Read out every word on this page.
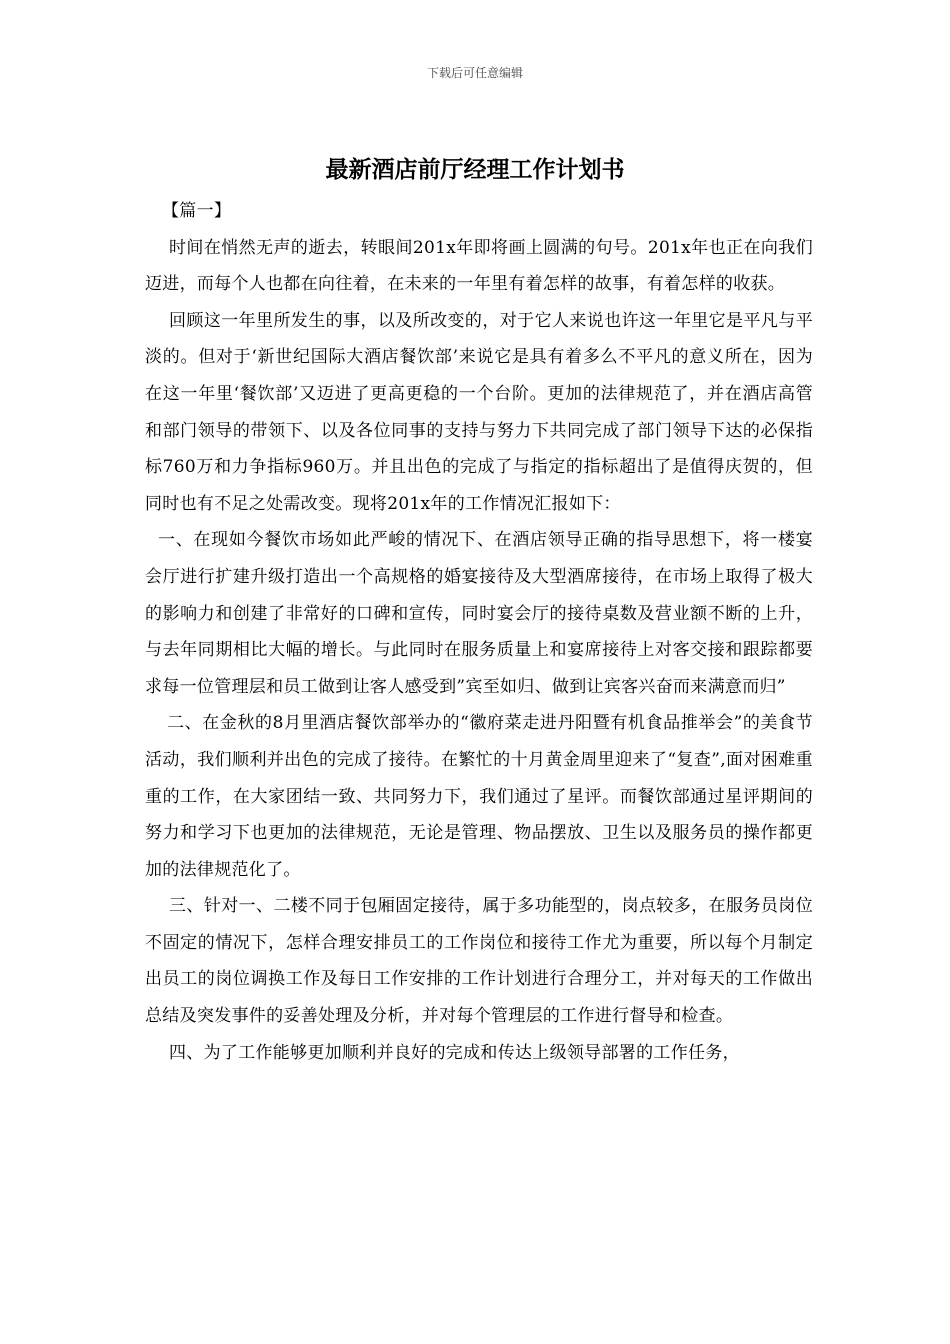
下载后可任意编辑
最新酒店前厅经理工作计划书

【篇一】

时间在悄然无声的逝去，转眼间201x年即将画上圆满的句号。201x年也正在向我们迈进，而每个人也都在向往着，在未来的一年里有着怎样的故事，有着怎样的收获。

回顾这一年里所发生的事，以及所改变的，对于它人来说也许这一年里它是平凡与平淡的。但对于‘新世纪国际大酒店餐饮部’来说它是具有着多么不平凡的意义所在，因为在这一年里‘餐饮部’又迈进了更高更稳的一个台阶。更加的法律规范了，并在酒店高管和部门领导的带领下、以及各位同事的支持与努力下共同完成了部门领导下达的必保指标760万和力争指标960万。并且出色的完成了与指定的指标超出了是值得庆贺的，但同时也有不足之处需改变。现将201x年的工作情况汇报如下：

一、在现如今餐饮市场如此严峻的情况下、在酒店领导正确的指导思想下，将一楼宴会厅进行扩建升级打造出一个高规格的婚宴接待及大型酒席接待，在市场上取得了极大的影响力和创建了非常好的口碑和宣传，同时宴会厅的接待桌数及营业额不断的上升，与去年同期相比大幅的增长。与此同时在服务质量上和宴席接待上对客交接和跟踪都要求每一位管理层和员工做到让客人感受到”宾至如归、做到让宾客兴奋而来满意而归”

二、在金秋的8月里酒店餐饮部举办的“徽府菜走进丹阳暨有机食品推举会”的美食节活动，我们顺利并出色的完成了接待。在繁忙的十月黄金周里迎来了“复查”,面对困难重重的工作，在大家团结一致、共同努力下，我们通过了星评。而餐饮部通过星评期间的努力和学习下也更加的法律规范，无论是管理、物品摆放、卫生以及服务员的操作都更加的法律规范化了。

三、针对一、二楼不同于包厢固定接待，属于多功能型的，岗点较多，在服务员岗位不固定的情况下，怎样合理安排员工的工作岗位和接待工作尤为重要，所以每个月制定出员工的岗位调换工作及每日工作安排的工作计划进行合理分工，并对每天的工作做出总结及突发事件的妥善处理及分析，并对每个管理层的工作进行督导和检查。

四、为了工作能够更加顺利并良好的完成和传达上级领导部署的工作任务，
